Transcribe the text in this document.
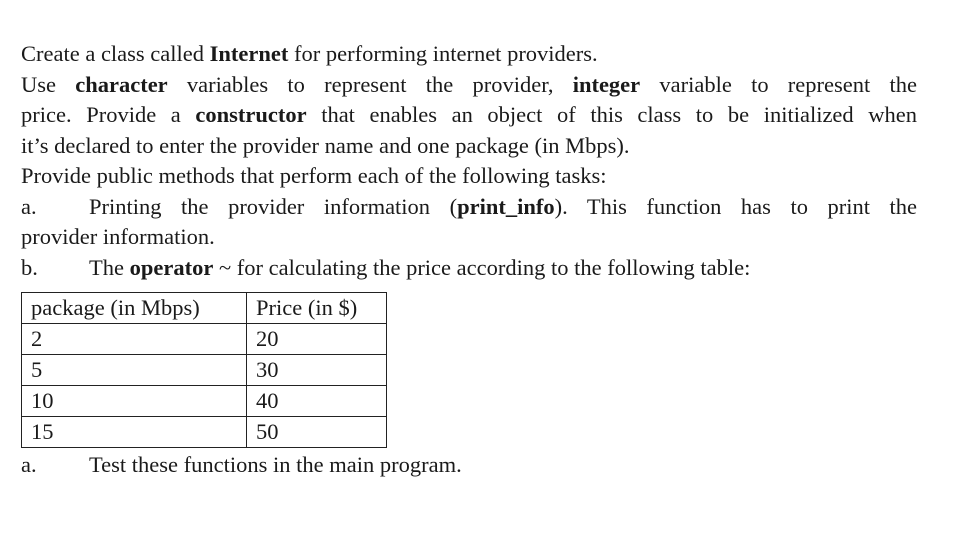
Create a class called Internet for performing internet providers.
Use character variables to represent the provider, integer variable to represent the
price. Provide a constructor that enables an object of this class to be initialized when
it’s declared to enter the provider name and one package (in Mbps).
Provide public methods that perform each of the following tasks:
a. Printing the provider information (print_info). This function has to print the
provider information.
b. The operator ~ for calculating the price according to the following table:
package (in Mbps)	Price (in $)
2	20
5	30
10	40
15	50
a. Test these functions in the main program.
